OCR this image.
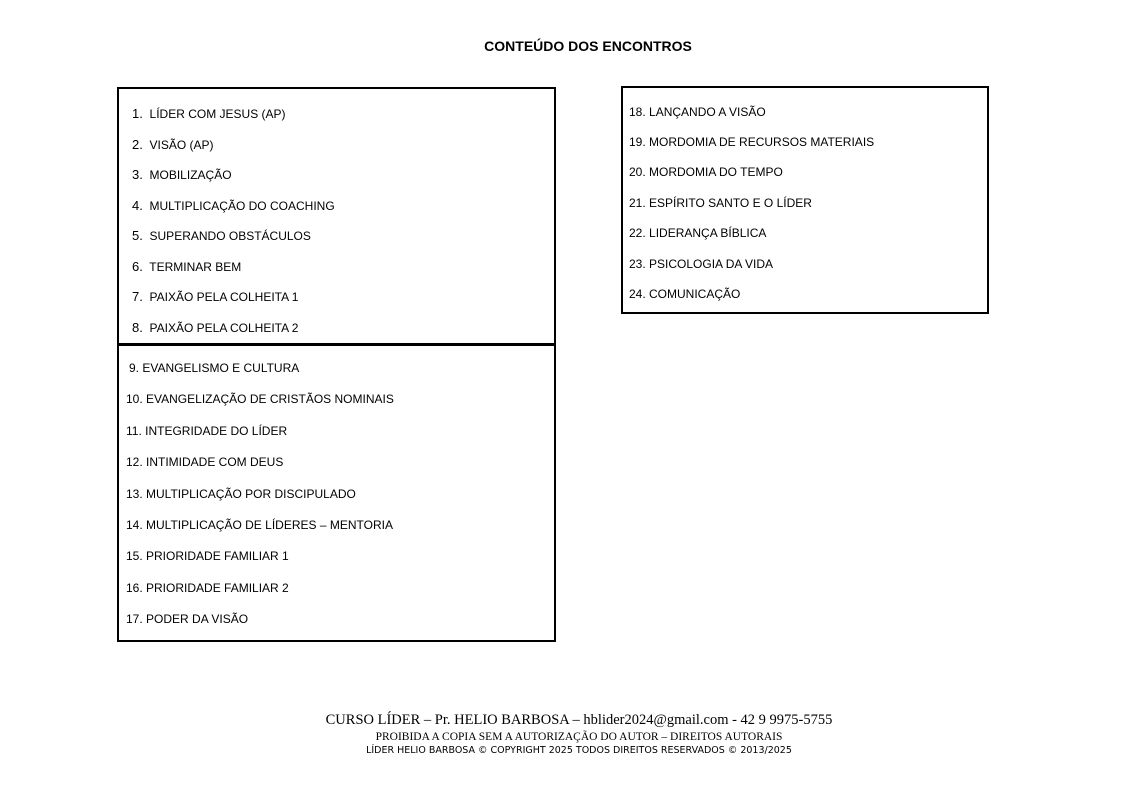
CONTEÚDO DOS ENCONTROS
1. LÍDER COM JESUS (AP)
2. VISÃO (AP)
3. MOBILIZAÇÃO
4. MULTIPLICAÇÃO DO COACHING
5. SUPERANDO OBSTÁCULOS
6. TERMINAR BEM
7. PAIXÃO PELA COLHEITA 1
8. PAIXÃO PELA COLHEITA 2
9. EVANGELISMO E CULTURA
10. EVANGELIZAÇÃO DE CRISTÃOS NOMINAIS
11. INTEGRIDADE DO LÍDER
12. INTIMIDADE COM DEUS
13. MULTIPLICAÇÃO POR DISCIPULADO
14. MULTIPLICAÇÃO DE LÍDERES – MENTORIA
15. PRIORIDADE FAMILIAR 1
16. PRIORIDADE FAMILIAR 2
17. PODER DA VISÃO
18. LANÇANDO A VISÃO
19. MORDOMIA DE RECURSOS MATERIAIS
20. MORDOMIA DO TEMPO
21. ESPÍRITO SANTO E O LÍDER
22. LIDERANÇA BÍBLICA
23. PSICOLOGIA DA VIDA
24. COMUNICAÇÃO
CURSO LÍDER – Pr. HELIO BARBOSA – hblider2024@gmail.com - 42 9 9975-5755
PROIBIDA A COPIA SEM A AUTORIZAÇÃO DO AUTOR – DIREITOS AUTORAIS
LÍDER HELIO BARBOSA © COPYRIGHT 2025 TODOS DIREITOS RESERVADOS © 2013/2025
